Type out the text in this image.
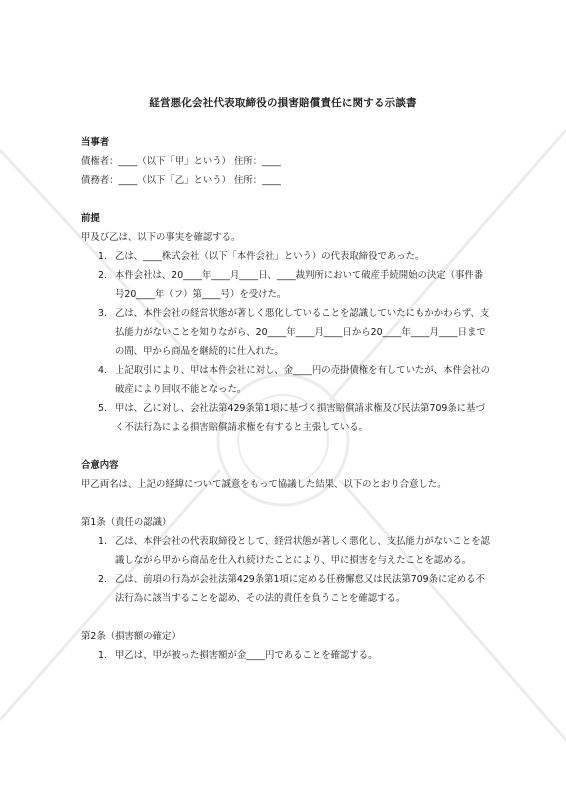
経営悪化会社代表取締役の損害賠償責任に関する示談書

当事者

債権者：____（以下「甲」という） 住所：____

債務者：____（以下「乙」という） 住所：____

前提

甲及び乙は、以下の事実を確認する。

1. 乙は、____株式会社（以下「本件会社」という）の代表取締役であった。
2. 本件会社は、20____年____月____日、____裁判所において破産手続開始の決定（事件番号20____年（フ）第____号）を受けた。
3. 乙は、本件会社の経営状態が著しく悪化していることを認識していたにもかかわらず、支払能力がないことを知りながら、20____年____月____日から20____年____月____日までの間、甲から商品を継続的に仕入れた。
4. 上記取引により、甲は本件会社に対し、金____円の売掛債権を有していたが、本件会社の破産により回収不能となった。
5. 甲は、乙に対し、会社法第429条第1項に基づく損害賠償請求権及び民法第709条に基づく不法行為による損害賠償請求権を有すると主張している。

合意内容

甲乙両名は、上記の経緯について誠意をもって協議した結果、以下のとおり合意した。

第1条（責任の認識）

1. 乙は、本件会社の代表取締役として、経営状態が著しく悪化し、支払能力がないことを認識しながら甲から商品を仕入れ続けたことにより、甲に損害を与えたことを認める。
2. 乙は、前項の行為が会社法第429条第1項に定める任務懈怠又は民法第709条に定める不法行為に該当することを認め、その法的責任を負うことを確認する。

第2条（損害額の確定）

1. 甲乙は、甲が被った損害額が金____円であることを確認する。
